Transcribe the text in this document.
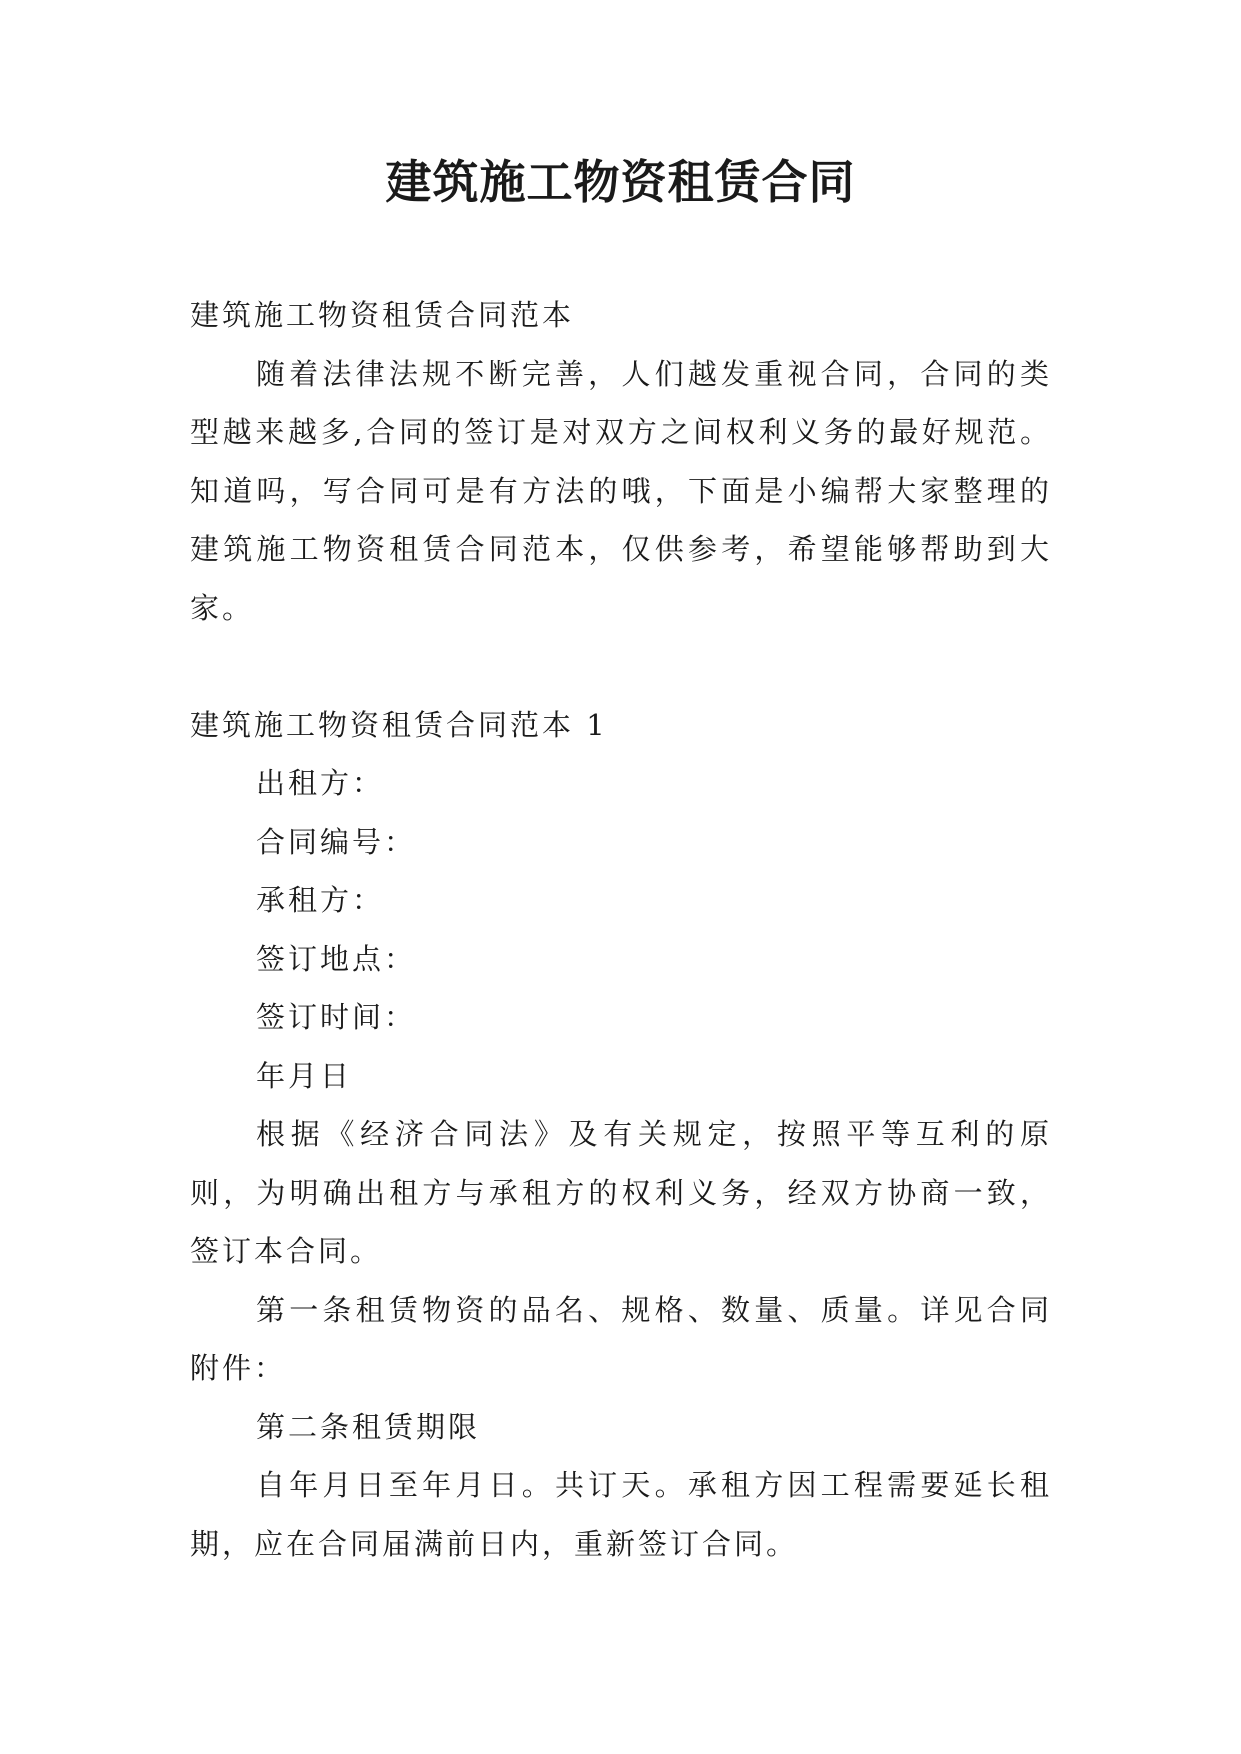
建筑施工物资租赁合同

建筑施工物资租赁合同范本

随着法律法规不断完善，人们越发重视合同，合同的类型越来越多,合同的签订是对双方之间权利义务的最好规范。知道吗，写合同可是有方法的哦，下面是小编帮大家整理的建筑施工物资租赁合同范本，仅供参考，希望能够帮助到大家。

建筑施工物资租赁合同范本 1

出租方：

合同编号：

承租方：

签订地点：

签订时间：

年月日

根据《经济合同法》及有关规定，按照平等互利的原则，为明确出租方与承租方的权利义务，经双方协商一致，签订本合同。

第一条租赁物资的品名、规格、数量、质量。详见合同附件：

第二条租赁期限

自年月日至年月日。共订天。承租方因工程需要延长租期，应在合同届满前日内，重新签订合同。
